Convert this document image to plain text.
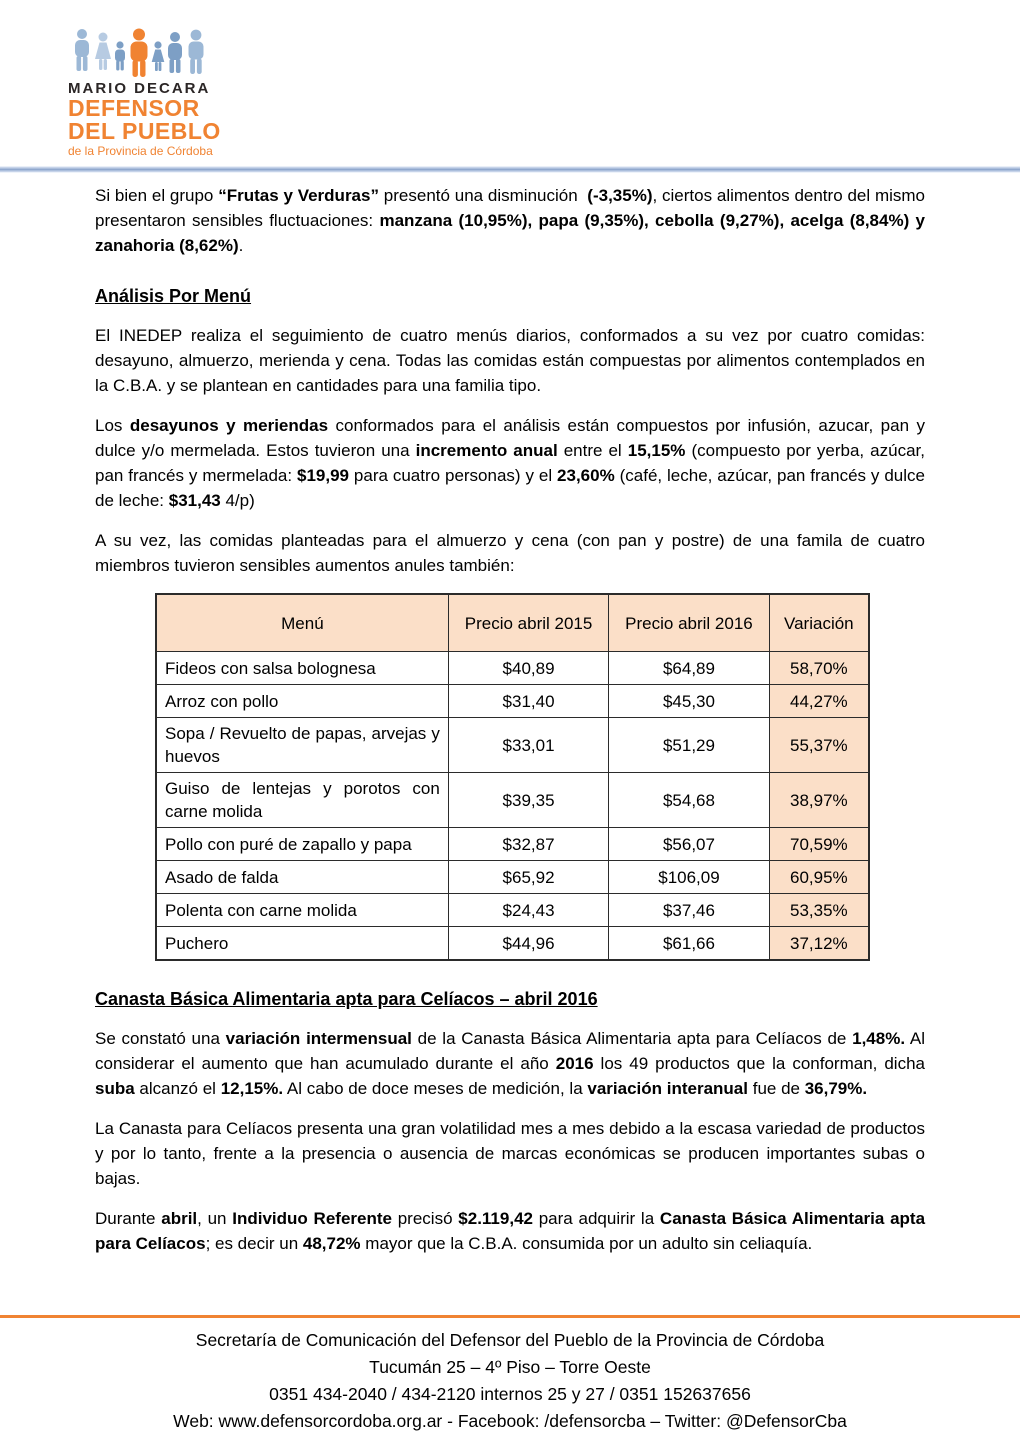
MARIO DECARA
DEFENSOR
DEL PUEBLO
de la Provincia de Córdoba

Si bien el grupo “Frutas y Verduras” presentó una disminución  (-3,35%), ciertos alimentos dentro del mismo presentaron sensibles fluctuaciones: manzana (10,95%), papa (9,35%), cebolla (9,27%), acelga (8,84%) y zanahoria (8,62%).

Análisis Por Menú

El INEDEP realiza el seguimiento de cuatro menús diarios, conformados a su vez por cuatro comidas: desayuno, almuerzo, merienda y cena. Todas las comidas están compuestas por alimentos contemplados en la C.B.A. y se plantean en cantidades para una familia tipo.

Los desayunos y meriendas conformados para el análisis están compuestos por infusión, azucar, pan y dulce y/o mermelada. Estos tuvieron una incremento anual entre el 15,15% (compuesto por yerba, azúcar, pan francés y mermelada: $19,99 para cuatro personas) y el 23,60% (café, leche, azúcar, pan francés y dulce de leche: $31,43 4/p)

A su vez, las comidas planteadas para el almuerzo y cena (con pan y postre) de una famila de cuatro miembros tuvieron sensibles aumentos anules también:

Menú	Precio abril 2015	Precio abril 2016	Variación
Fideos con salsa bolognesa	$40,89	$64,89	58,70%
Arroz con pollo	$31,40	$45,30	44,27%
Sopa / Revuelto de papas, arvejas y huevos	$33,01	$51,29	55,37%
Guiso de lentejas y porotos con carne molida	$39,35	$54,68	38,97%
Pollo con puré de zapallo y papa	$32,87	$56,07	70,59%
Asado de falda	$65,92	$106,09	60,95%
Polenta con carne molida	$24,43	$37,46	53,35%
Puchero	$44,96	$61,66	37,12%
Canasta Básica Alimentaria apta para Celíacos – abril 2016

Se constató una variación intermensual de la Canasta Básica Alimentaria apta para Celíacos de 1,48%. Al considerar el aumento que han acumulado durante el año 2016 los 49 productos que la conforman, dicha suba alcanzó el 12,15%. Al cabo de doce meses de medición, la variación interanual fue de 36,79%.

La Canasta para Celíacos presenta una gran volatilidad mes a mes debido a la escasa variedad de productos y por lo tanto, frente a la presencia o ausencia de marcas económicas se producen importantes subas o bajas.

Durante abril, un Individuo Referente precisó $2.119,42 para adquirir la Canasta Básica Alimentaria apta para Celíacos; es decir un 48,72% mayor que la C.B.A. consumida por un adulto sin celiaquía.

Secretaría de Comunicación del Defensor del Pueblo de la Provincia de Córdoba
Tucumán 25 – 4º Piso – Torre Oeste
0351 434-2040 / 434-2120 internos 25 y 27 / 0351 152637656
Web: www.defensorcordoba.org.ar - Facebook: /defensorcba – Twitter: @DefensorCba
